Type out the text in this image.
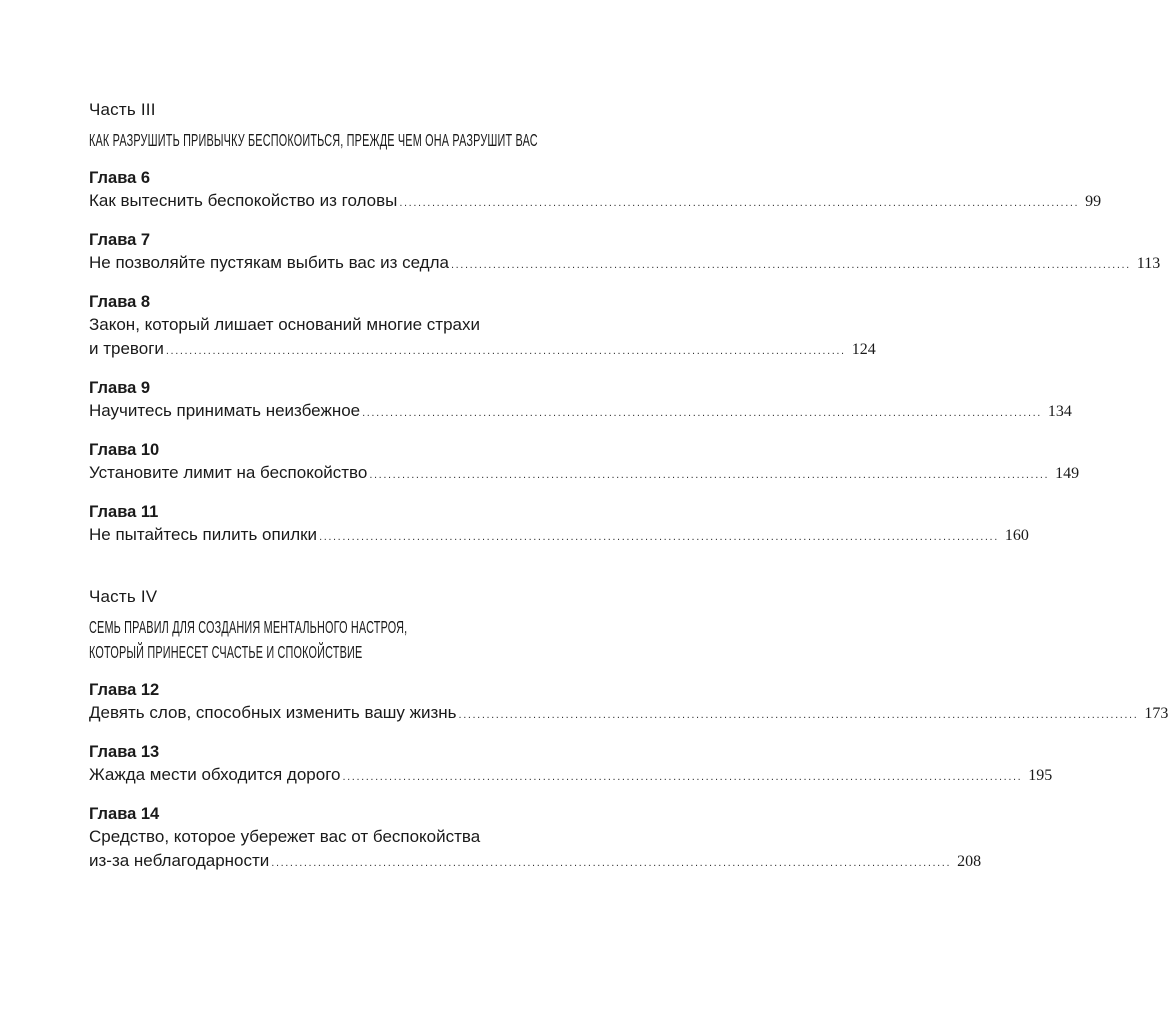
Часть III
КАК РАЗРУШИТЬ ПРИВЫЧКУ БЕСПОКОИТЬСЯ, ПРЕЖДЕ ЧЕМ ОНА РАЗРУШИТ ВАС
Глава 6
Как вытеснить беспокойство из головы .................................................................................................................................................. 99
Глава 7
Не позволяйте пустякам выбить вас из седла .................................................................................................................................................. 113
Глава 8
Закон, который лишает оснований многие страхи
и тревоги .................................................................................................................................................. 124
Глава 9
Научитесь принимать неизбежное .................................................................................................................................................. 134
Глава 10
Установите лимит на беспокойство .................................................................................................................................................. 149
Глава 11
Не пытайтесь пилить опилки .................................................................................................................................................. 160
Часть IV
СЕМЬ ПРАВИЛ ДЛЯ СОЗДАНИЯ МЕНТАЛЬНОГО НАСТРОЯ,
КОТОРЫЙ ПРИНЕСЕТ СЧАСТЬЕ И СПОКОЙСТВИЕ
Глава 12
Девять слов, способных изменить вашу жизнь .................................................................................................................................................. 173
Глава 13
Жажда мести обходится дорого .................................................................................................................................................. 195
Глава 14
Средство, которое убережет вас от беспокойства
из-за неблагодарности .................................................................................................................................................. 208
